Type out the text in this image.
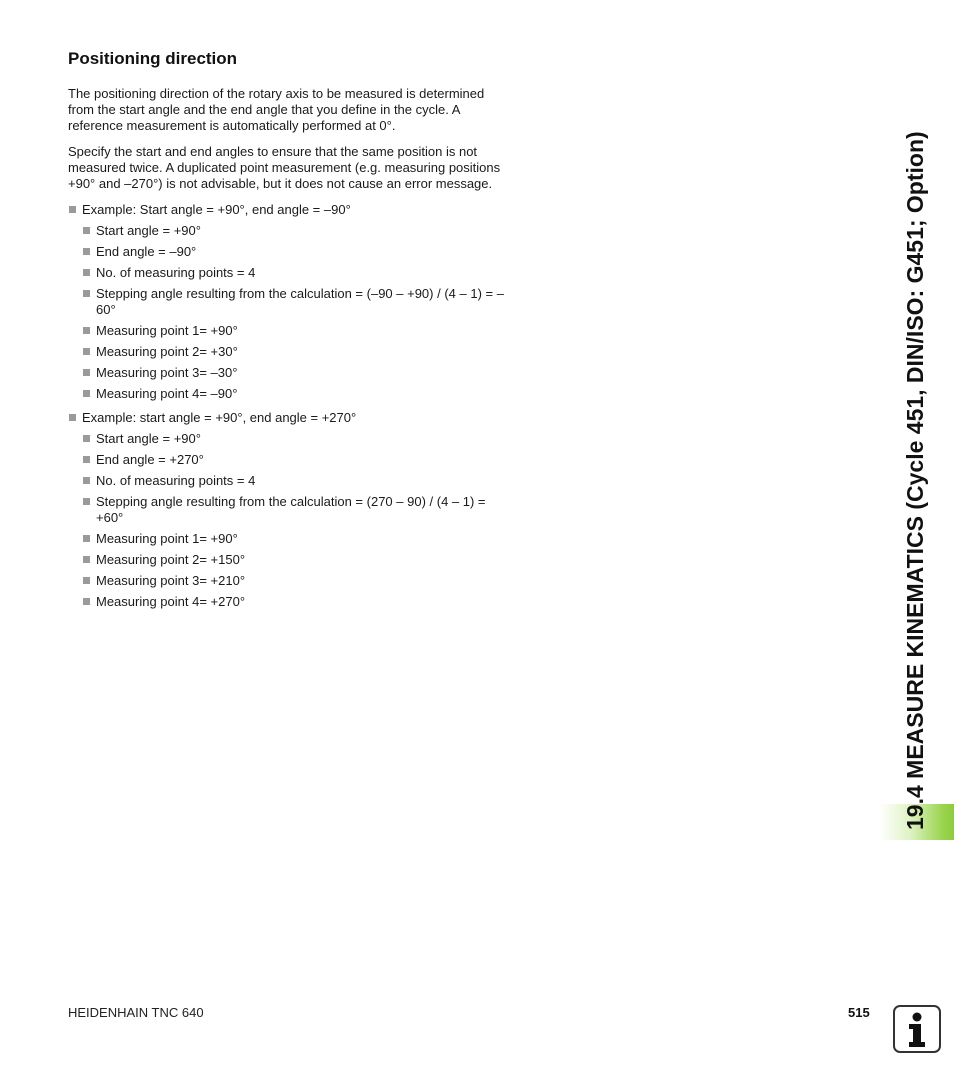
Positioning direction

The positioning direction of the rotary axis to be measured is determined from the start angle and the end angle that you define in the cycle. A reference measurement is automatically performed at 0°.

Specify the start and end angles to ensure that the same position is not measured twice. A duplicated point measurement (e.g. measuring positions +90° and –270°) is not advisable, but it does not cause an error message.

Example: Start angle = +90°, end angle = –90°
Start angle = +90°
End angle = –90°
No. of measuring points = 4
Stepping angle resulting from the calculation = (–90 – +90) / (4 – 1) = –60°
Measuring point 1= +90°
Measuring point 2= +30°
Measuring point 3= –30°
Measuring point 4= –90°
Example: start angle = +90°, end angle = +270°
Start angle = +90°
End angle = +270°
No. of measuring points = 4
Stepping angle resulting from the calculation = (270 – 90) / (4 – 1) = +60°
Measuring point 1= +90°
Measuring point 2= +150°
Measuring point 3= +210°
Measuring point 4= +270°	19.4 MEASURE KINEMATICS (Cycle 451, DIN/ISO: G451; Option)
HEIDENHAIN TNC 640	515
